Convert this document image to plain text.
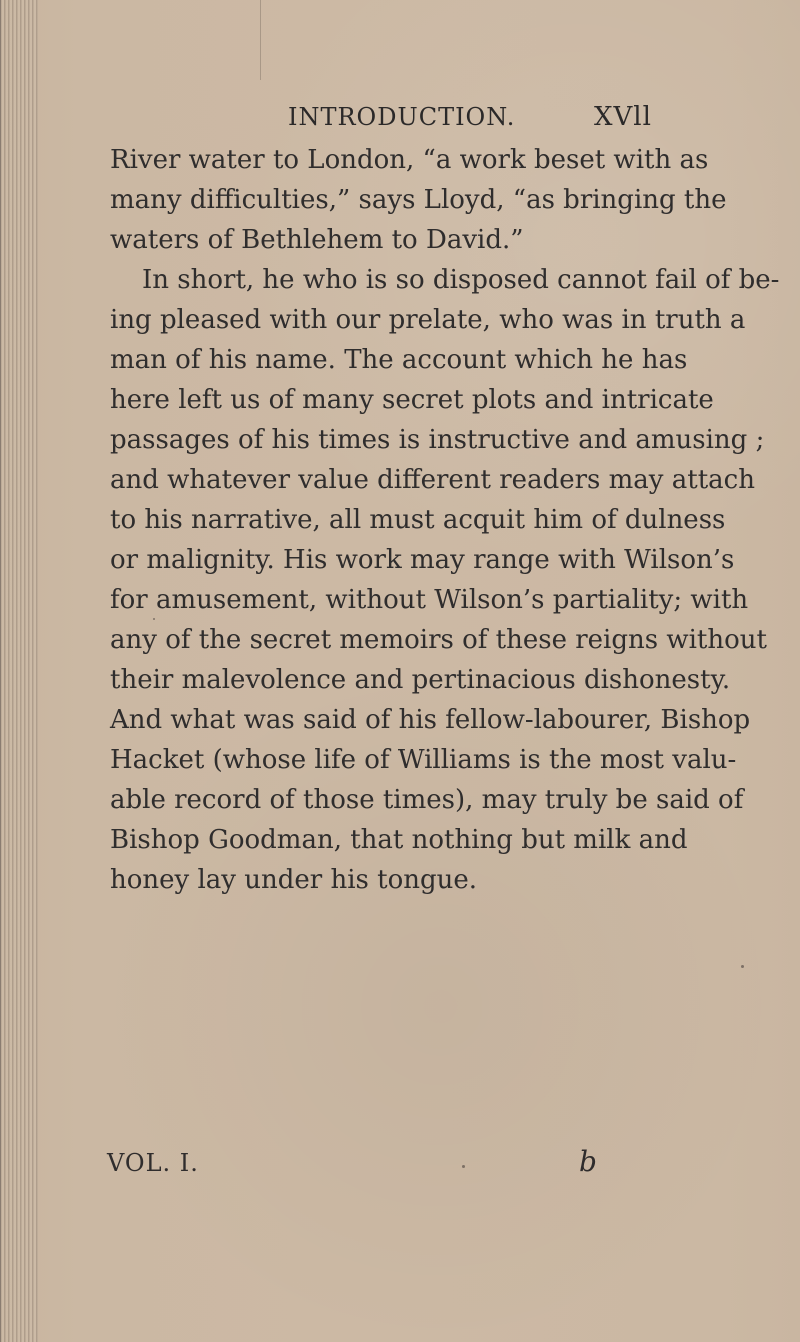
INTRODUCTION.	XVll
River water to London, “a work beset with as
many difficulties,” says Lloyd, “as bringing the
waters of Bethlehem to David.”
In short, he who is so disposed cannot fail of be-
ing pleased with our prelate, who was in truth a
man of his name. The account which he has
here left us of many secret plots and intricate
passages of his times is instructive and amusing ;
and whatever value different readers may attach
to his narrative, all must acquit him of dulness
or malignity. His work may range with Wilson’s
for amusement, without Wilson’s partiality; with
any of the secret memoirs of these reigns without
their malevolence and pertinacious dishonesty.
And what was said of his fellow-labourer, Bishop
Hacket (whose life of Williams is the most valu-
able record of those times), may truly be said of
Bishop Goodman, that nothing but milk and
honey lay under his tongue.
VOL. I.	b
